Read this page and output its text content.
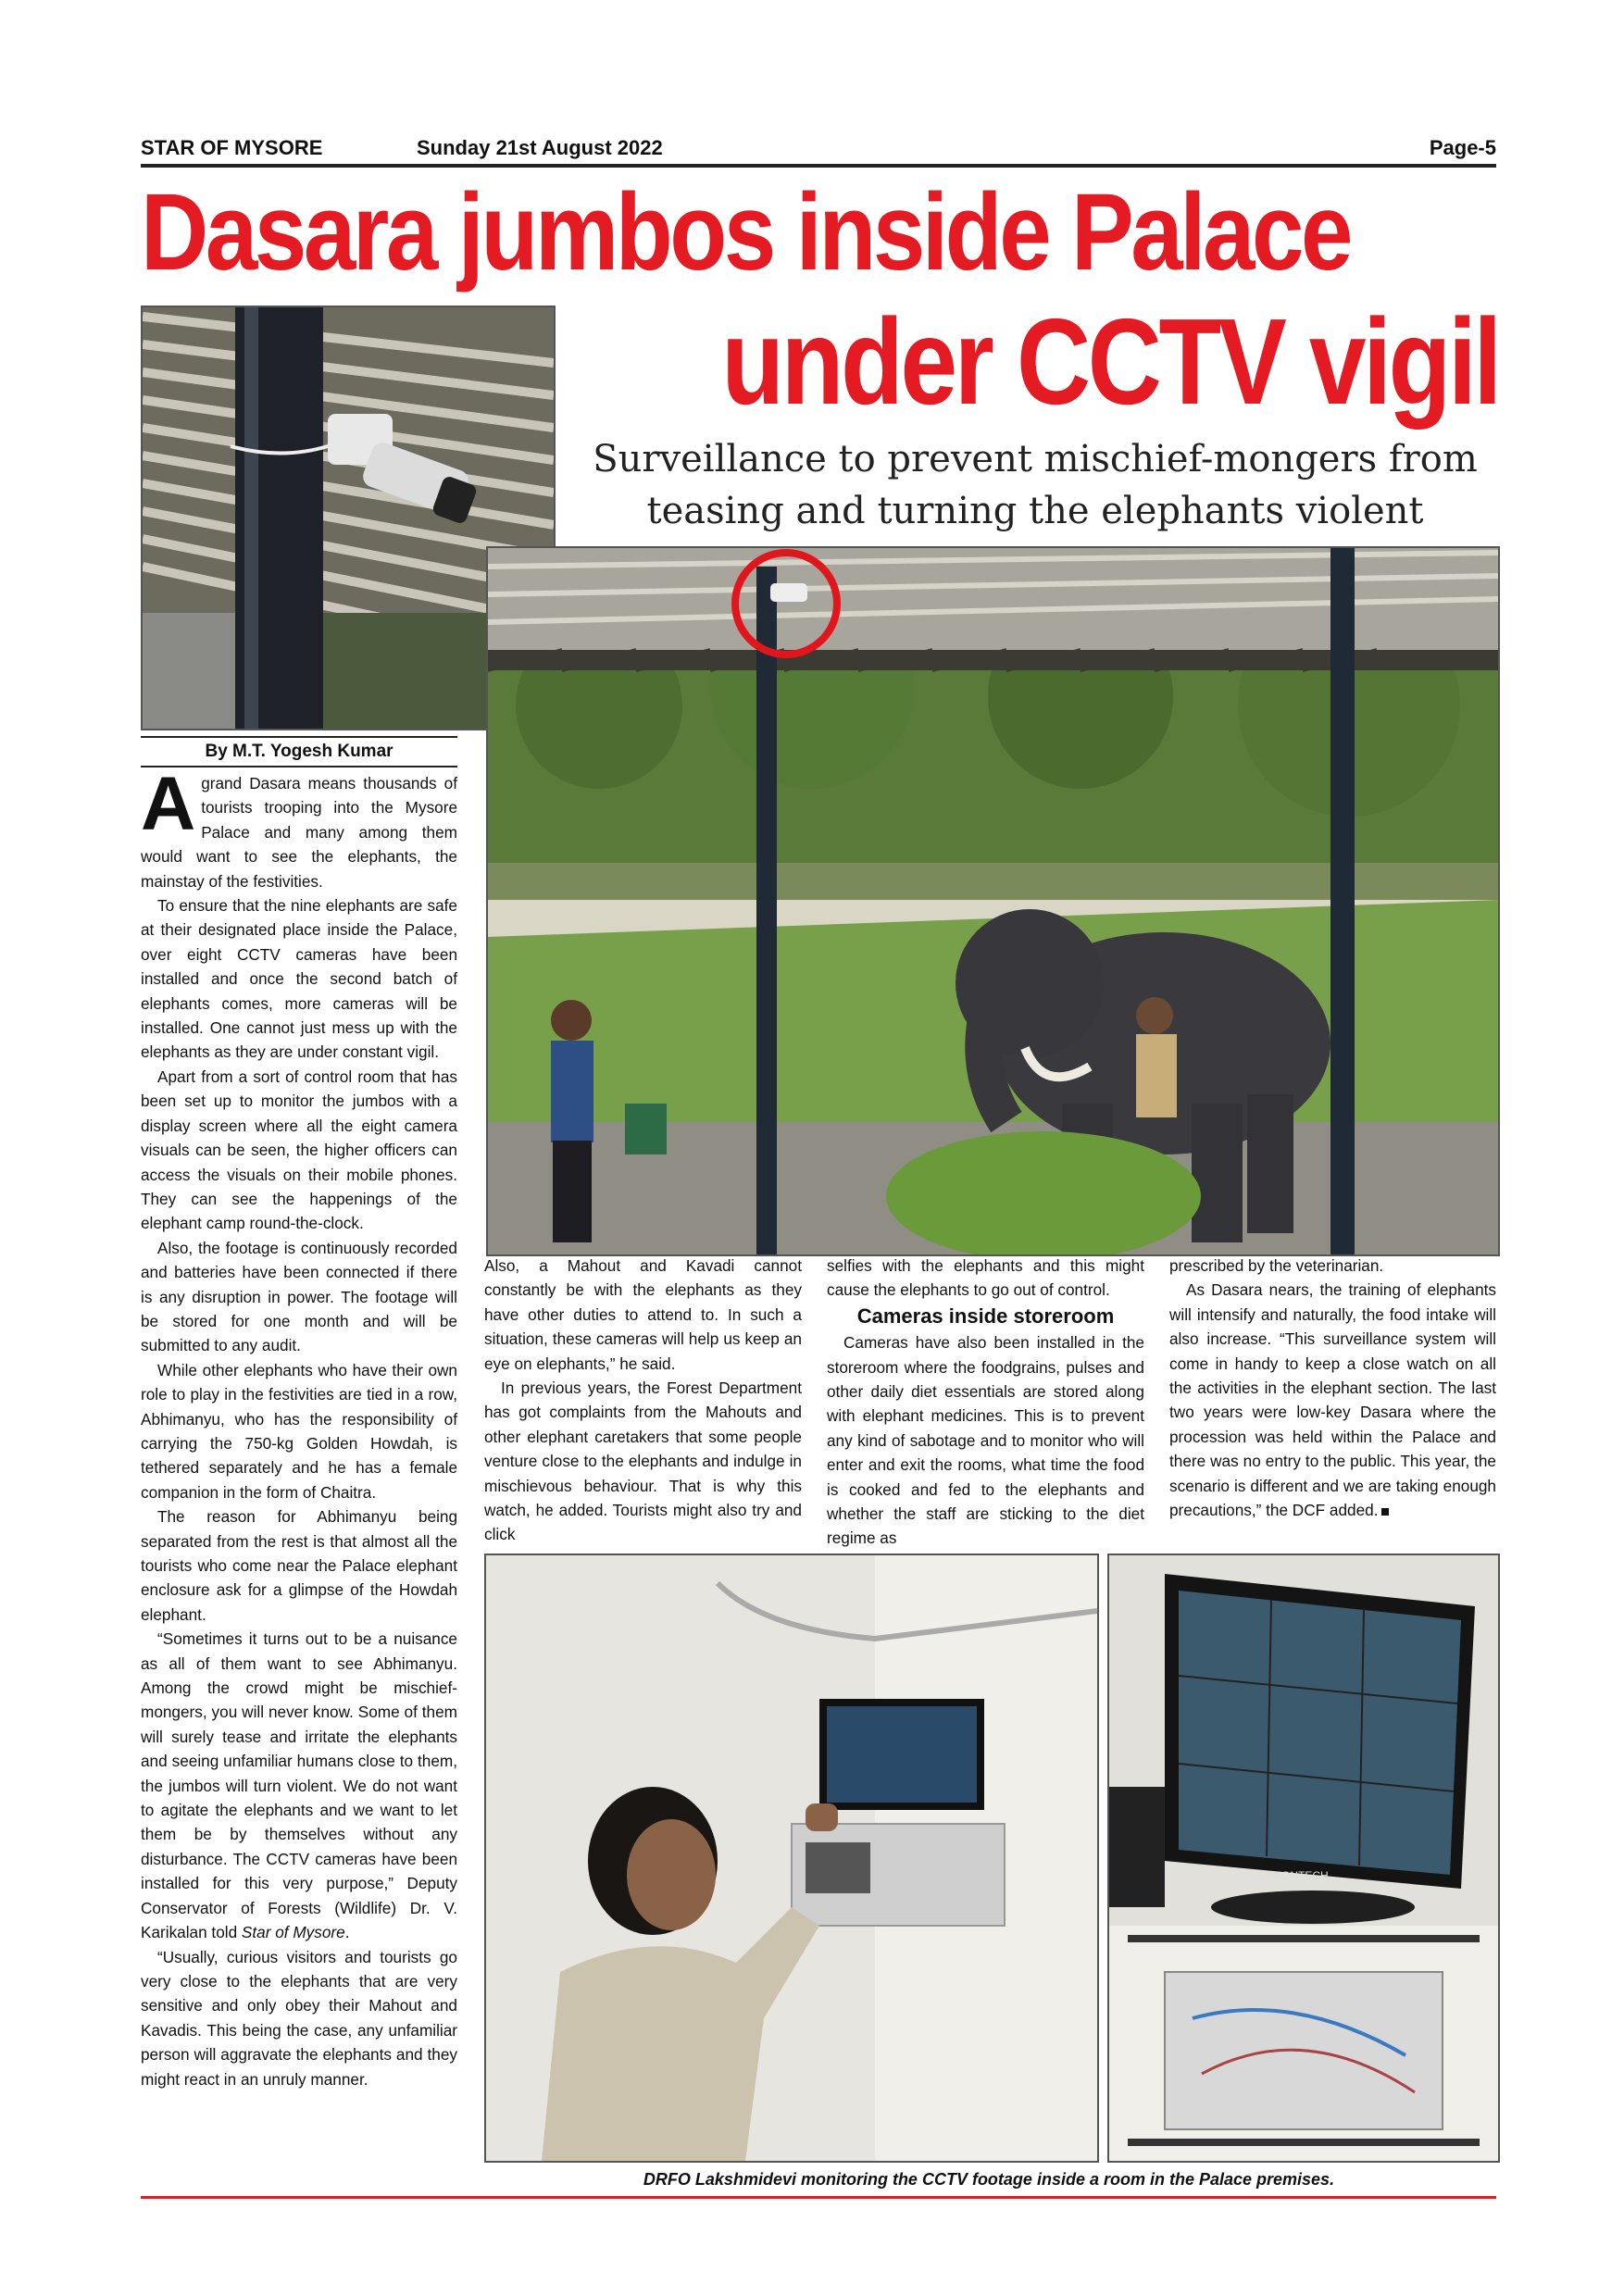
STAR OF MYSORE	Sunday 21st August 2022	Page-5
Dasara jumbos inside Palace
under CCTV vigil
Surveillance to prevent mischief-mongers from
teasing and turning the elephants violent
By M.T. Yogesh Kumar

Agrand Dasara means thousands of tourists trooping into the Mysore Palace and many among them would want to see the elephants, the mainstay of the festivities.

To ensure that the nine elephants are safe at their designated place inside the Palace, over eight CCTV cameras have been installed and once the second batch of elephants comes, more cameras will be installed. One cannot just mess up with the elephants as they are under constant vigil.

Apart from a sort of control room that has been set up to monitor the jumbos with a display screen where all the eight camera visuals can be seen, the higher officers can access the visuals on their mobile phones. They can see the happenings of the elephant camp round-the-clock.

Also, the footage is continuously recorded and batteries have been connected if there is any disruption in power. The footage will be stored for one month and will be submitted to any audit.

While other elephants who have their own role to play in the festivities are tied in a row, Abhimanyu, who has the responsibility of carrying the 750-kg Golden Howdah, is tethered separately and he has a female companion in the form of Chaitra.

The reason for Abhimanyu being separated from the rest is that almost all the tourists who come near the Palace elephant enclosure ask for a glimpse of the Howdah elephant.

“Sometimes it turns out to be a nuisance as all of them want to see Abhimanyu. Among the crowd might be mischief-mongers, you will never know. Some of them will surely tease and irritate the elephants and seeing unfamiliar humans close to them, the jumbos will turn violent. We do not want to agitate the elephants and we want to let them be by themselves without any disturbance. The CCTV cameras have been installed for this very purpose,” Deputy Conservator of Forests (Wildlife) Dr. V. Karikalan told Star of Mysore.

“Usually, curious visitors and tourists go very close to the elephants that are very sensitive and only obey their Mahout and Kavadis. This being the case, any unfamiliar person will aggravate the elephants and they might react in an unruly manner.

Also, a Mahout and Kavadi cannot constantly be with the elephants as they have other duties to attend to. In such a situation, these cameras will help us keep an eye on elephants,” he said.

In previous years, the Forest Department has got complaints from the Mahouts and other elephant caretakers that some people venture close to the elephants and indulge in mischievous behaviour. That is why this watch, he added. Tourists might also try and click

selfies with the elephants and this might cause the elephants to go out of control.

Cameras inside storeroom

Cameras have also been installed in the storeroom where the foodgrains, pulses and other daily diet essentials are stored along with elephant medicines. This is to prevent any kind of sabotage and to monitor who will enter and exit the rooms, what time the food is cooked and fed to the elephants and whether the staff are sticking to the diet regime as

prescribed by the veterinarian.

As Dasara nears, the training of elephants will intensify and naturally, the food intake will also increase. “This surveillance system will come in handy to keep a close watch on all the activities in the elephant section. The last two years were low-key Dasara where the procession was held within the Palace and there was no entry to the public. This year, the scenario is different and we are taking enough precautions,” the DCF added.

FRONTECH
DRFO Lakshmidevi monitoring the CCTV footage inside a room in the Palace premises.
